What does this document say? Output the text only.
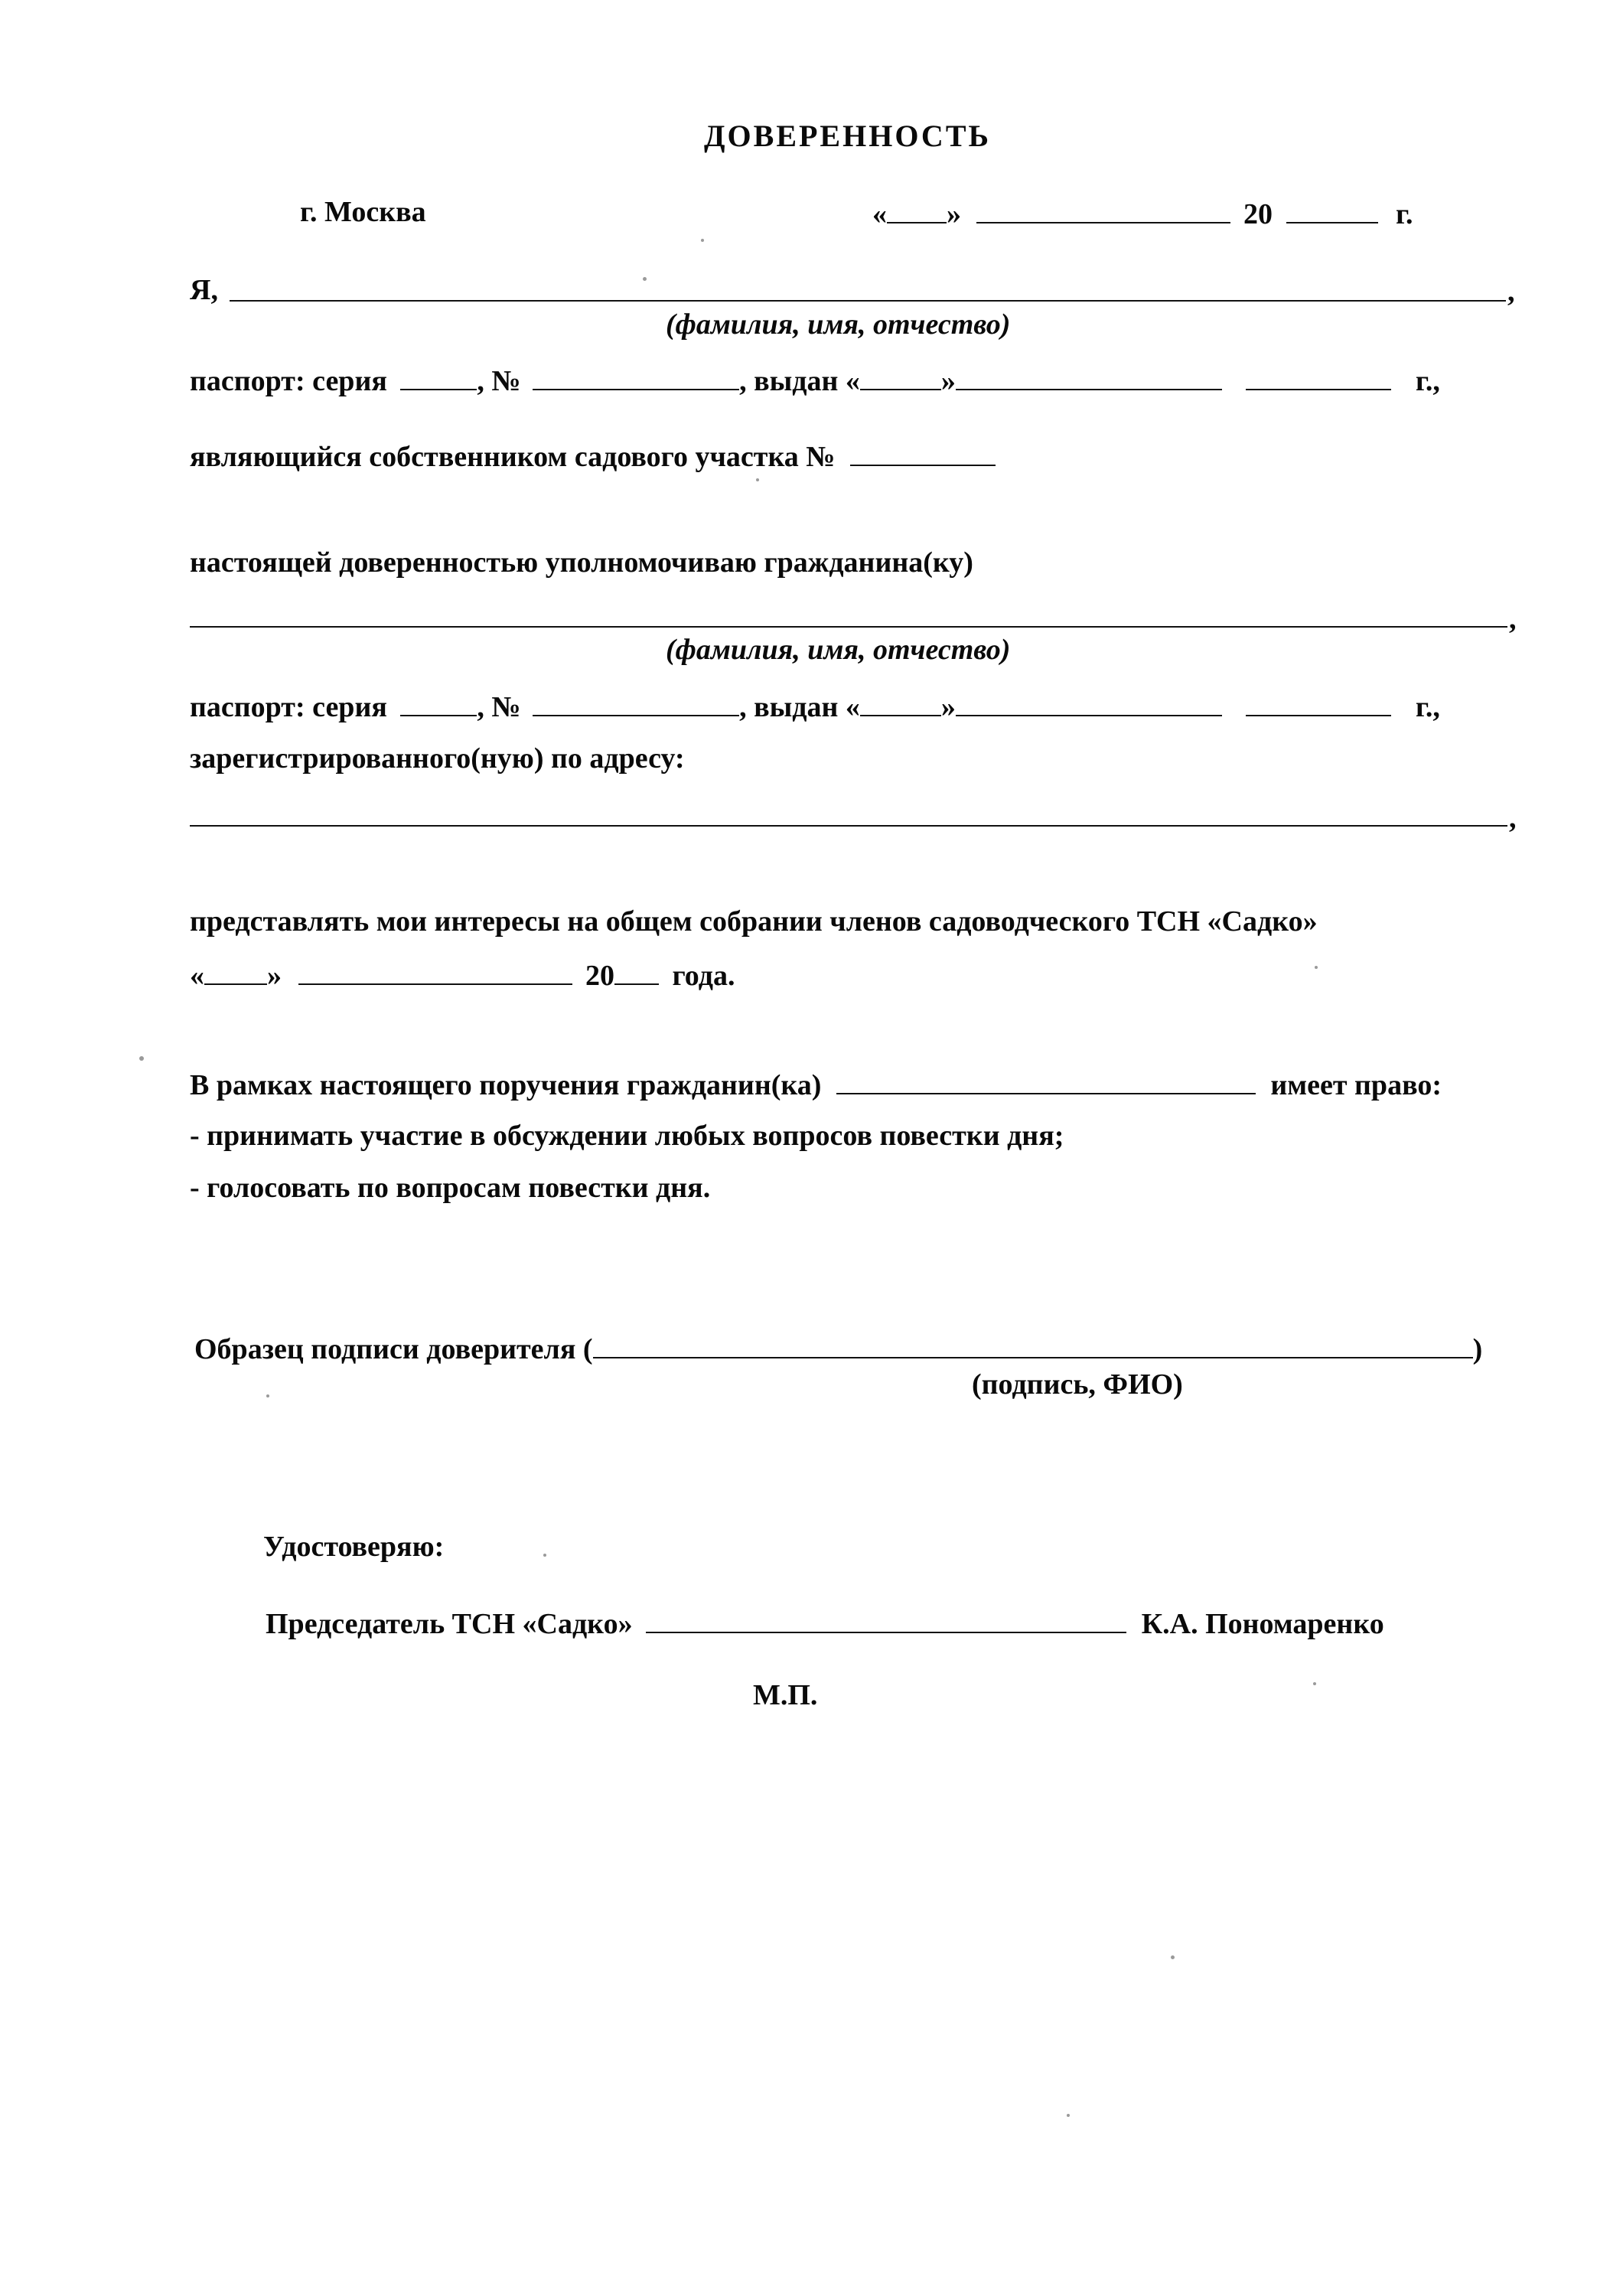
ДОВЕРЕННОСТЬ
г. Москва	« »	20	г.
Я,	,
(фамилия, имя, отчество)
паспорт: серия	, №	, выдан «	»	г.,
являющийся собственником садового участка №
настоящей доверенностью уполномочиваю гражданина(ку)
,
(фамилия, имя, отчество)
паспорт: серия	, №	, выдан «	»	г.,
зарегистрированного(ную) по адресу:
,
представлять мои интересы на общем собрании членов садоводческого ТСН «Садко»
« »	20 года.
В рамках настоящего поручения гражданин(ка)	имеет право:
- принимать участие в обсуждении любых вопросов повестки дня;
- голосовать по вопросам повестки дня.
Образец подписи доверителя (	)
(подпись, ФИО)
Удостоверяю:
Председатель ТСН «Садко»	К.А. Пономаренко
М.П.
